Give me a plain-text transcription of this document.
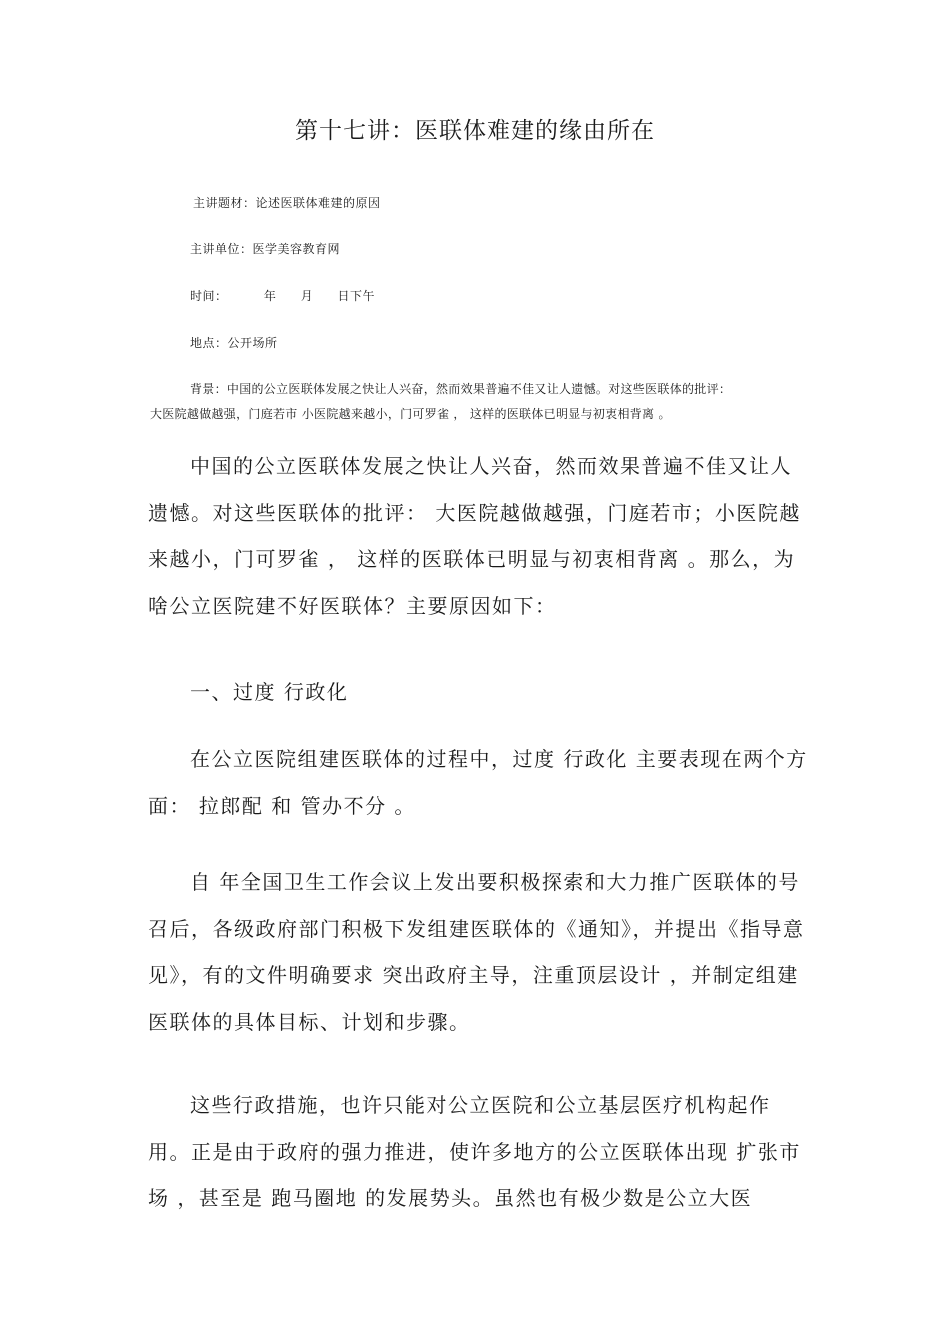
第十七讲：医联体难建的缘由所在
主讲题材：论述医联体难建的原因
主讲单位：医学美容教育网
时间：	年 月 日下午
地点：公开场所
背景：中国的公立医联体发展之快让人兴奋，然而效果普遍不佳又让人遗憾。对这些医联体的批评：
大医院越做越强，门庭若市 小医院越来越小，门可罗雀 ， 这样的医联体已明显与初衷相背离 。

中国的公立医联体发展之快让人兴奋，然而效果普遍不佳又让人遗憾。对这些医联体的批评： 大医院越做越强，门庭若市；小医院越来越小，门可罗雀 ， 这样的医联体已明显与初衷相背离 。那么，为啥公立医院建不好医联体？主要原因如下：

一、过度 行政化

在公立医院组建医联体的过程中，过度 行政化 主要表现在两个方面： 拉郎配 和 管办不分 。

自 年全国卫生工作会议上发出要积极探索和大力推广医联体的号召后，各级政府部门积极下发组建医联体的《通知》，并提出《指导意见》，有的文件明确要求 突出政府主导，注重顶层设计 ，并制定组建医联体的具体目标、计划和步骤。

这些行政措施，也许只能对公立医院和公立基层医疗机构起作用。正是由于政府的强力推进，使许多地方的公立医联体出现 扩张市场 ，甚至是 跑马圈地 的发展势头。虽然也有极少数是公立大医
